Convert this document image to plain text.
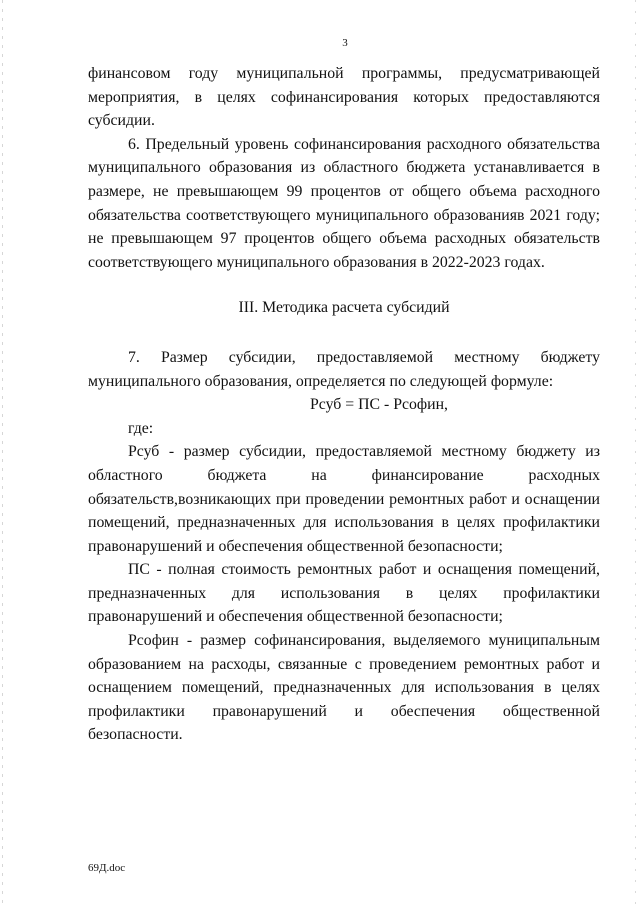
3

финансовом году муниципальной программы, предусматривающей мероприятия, в целях софинансирования которых предоставляются субсидии.

6. Предельный уровень софинансирования расходного обязательства муниципального образования из областного бюджета устанавливается в размере, не превышающем 99 процентов от общего объема расходного обязательства соответствующего муниципального образованияв 2021 году; не превышающем 97 процентов общего объема расходных обязательств соответствующего муниципального образования в 2022-2023 годах.

III. Методика расчета субсидий

7. Размер субсидии, предоставляемой местному бюджету муниципального образования, определяется по следующей формуле:

Рсуб = ПС - Рсофин,

где:

Рсуб - размер субсидии, предоставляемой местному бюджету из областного бюджета на финансирование расходных обязательств,возникающих при проведении ремонтных работ и оснащении помещений, предназначенных для использования в целях профилактики правонарушений и обеспечения общественной безопасности;

ПС - полная стоимость ремонтных работ и оснащения помещений, предназначенных для использования в целях профилактики правонарушений и обеспечения общественной безопасности;

Рсофин - размер софинансирования, выделяемого муниципальным образованием на расходы, связанные с проведением ремонтных работ и оснащением помещений, предназначенных для использования в целях профилактики правонарушений и обеспечения общественной безопасности.

69Д.doc
